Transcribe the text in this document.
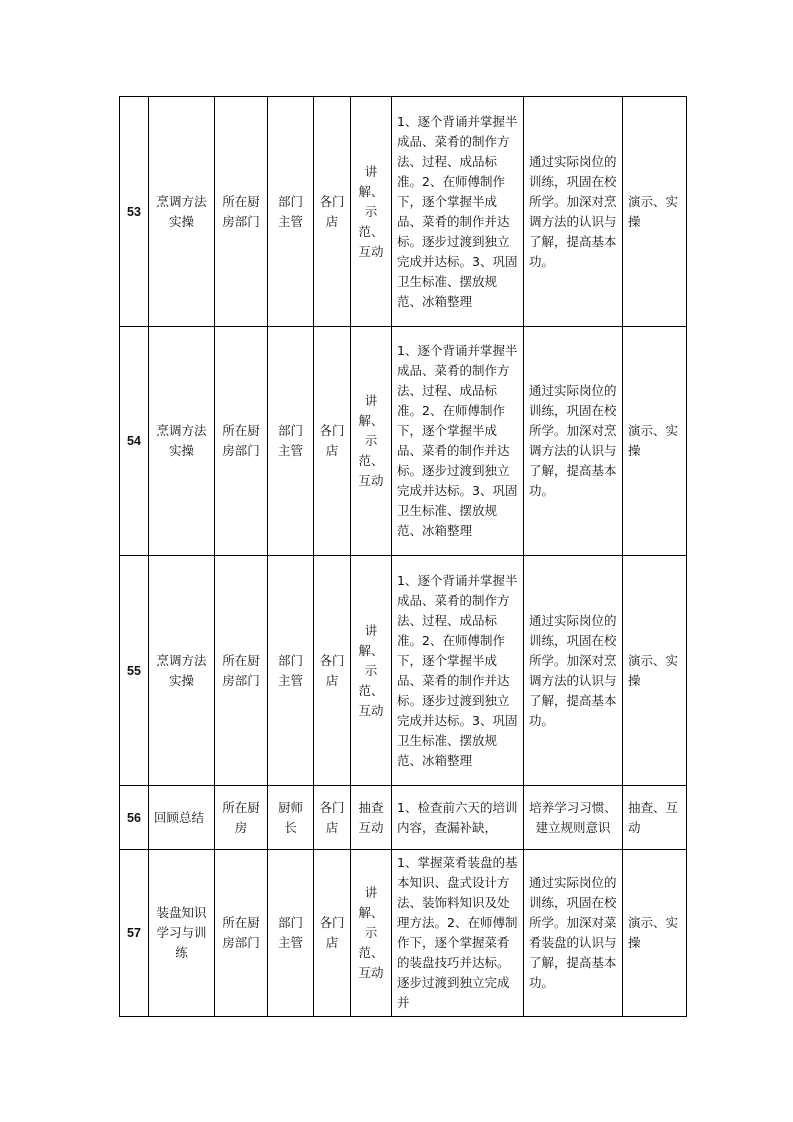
53	烹调方法实操	所在厨房部门	部门主管	各门店	讲解、示范、互动	1、逐个背诵并掌握半成品、菜肴的制作方法、过程、成品标准。2、在师傅制作下，逐个掌握半成品、菜肴的制作并达标。逐步过渡到独立完成并达标。3、巩固卫生标准、摆放规范、冰箱整理	通过实际岗位的训练，巩固在校所学。加深对烹调方法的认识与了解，提高基本功。	演示、实操
54	烹调方法实操	所在厨房部门	部门主管	各门店	讲解、示范、互动	1、逐个背诵并掌握半成品、菜肴的制作方法、过程、成品标准。2、在师傅制作下，逐个掌握半成品、菜肴的制作并达标。逐步过渡到独立完成并达标。3、巩固卫生标准、摆放规范、冰箱整理	通过实际岗位的训练，巩固在校所学。加深对烹调方法的认识与了解，提高基本功。	演示、实操
55	烹调方法实操	所在厨房部门	部门主管	各门店	讲解、示范、互动	1、逐个背诵并掌握半成品、菜肴的制作方法、过程、成品标准。2、在师傅制作下，逐个掌握半成品、菜肴的制作并达标。逐步过渡到独立完成并达标。3、巩固卫生标准、摆放规范、冰箱整理	通过实际岗位的训练，巩固在校所学。加深对烹调方法的认识与了解，提高基本功。	演示、实操
56	回顾总结	所在厨房	厨师长	各门店	抽查互动	1、检查前六天的培训内容，查漏补缺，	培养学习习惯、建立规则意识	抽查、互动
57	装盘知识学习与训练	所在厨房部门	部门主管	各门店	讲解、示范、互动	1、掌握菜肴装盘的基本知识、盘式设计方法、装饰料知识及处理方法。2、在师傅制作下，逐个掌握菜肴的装盘技巧并达标。逐步过渡到独立完成并	通过实际岗位的训练，巩固在校所学。加深对菜肴装盘的认识与了解，提高基本功。	演示、实操
